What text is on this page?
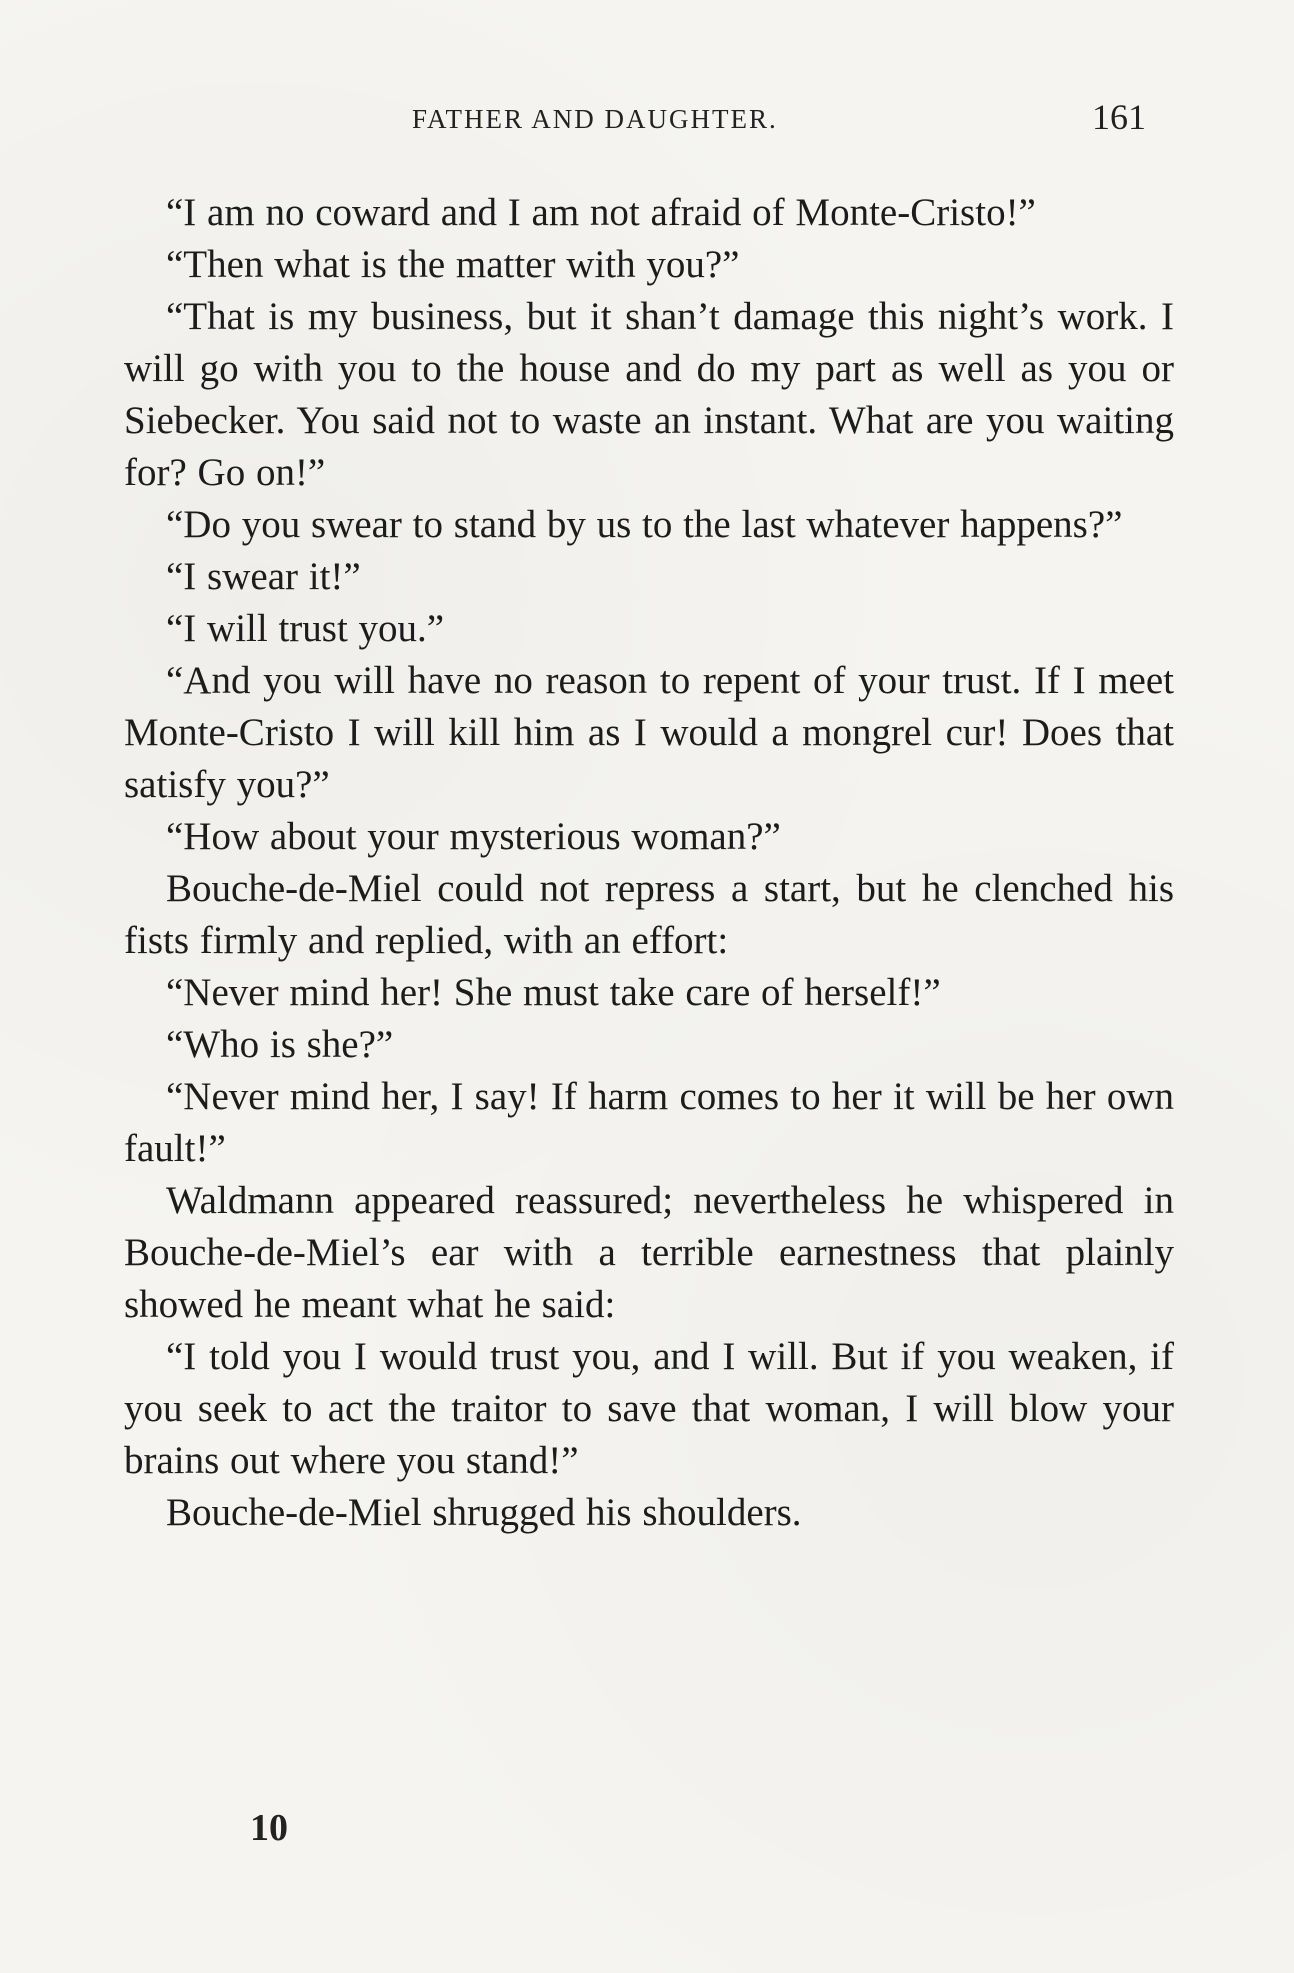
FATHER AND DAUGHTER.	161

“I am no coward and I am not afraid of Monte-Cristo!”

“Then what is the matter with you?”

“That is my business, but it shan’t damage this night’s work. I will go with you to the house and do my part as well as you or Siebecker. You said not to waste an instant. What are you waiting for? Go on!”

“Do you swear to stand by us to the last whatever happens?”

“I swear it!”

“I will trust you.”

“And you will have no reason to repent of your trust. If I meet Monte-Cristo I will kill him as I would a mongrel cur! Does that satisfy you?”

“How about your mysterious woman?”

Bouche-de-Miel could not repress a start, but he clenched his fists firmly and replied, with an effort:

“Never mind her! She must take care of herself!”

“Who is she?”

“Never mind her, I say! If harm comes to her it will be her own fault!”

Waldmann appeared reassured; nevertheless he whispered in Bouche-de-Miel’s ear with a terrible earnestness that plainly showed he meant what he said:

“I told you I would trust you, and I will. But if you weaken, if you seek to act the traitor to save that woman, I will blow your brains out where you stand!”

Bouche-de-Miel shrugged his shoulders.

10
